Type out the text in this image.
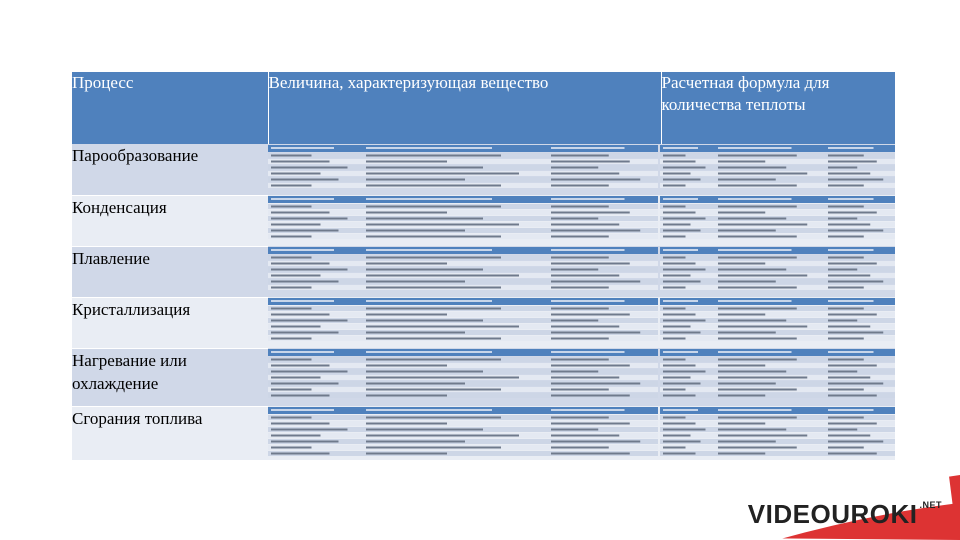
Процесс	Величина, характеризующая вещество	Расчетная формула для количества теплоты
Парообразование		
Конденсация		
Плавление		
Кристаллизация		
Нагревание или охлаждение		
Сгорания топлива		
$VIDEOUROKI^{.NET}$
